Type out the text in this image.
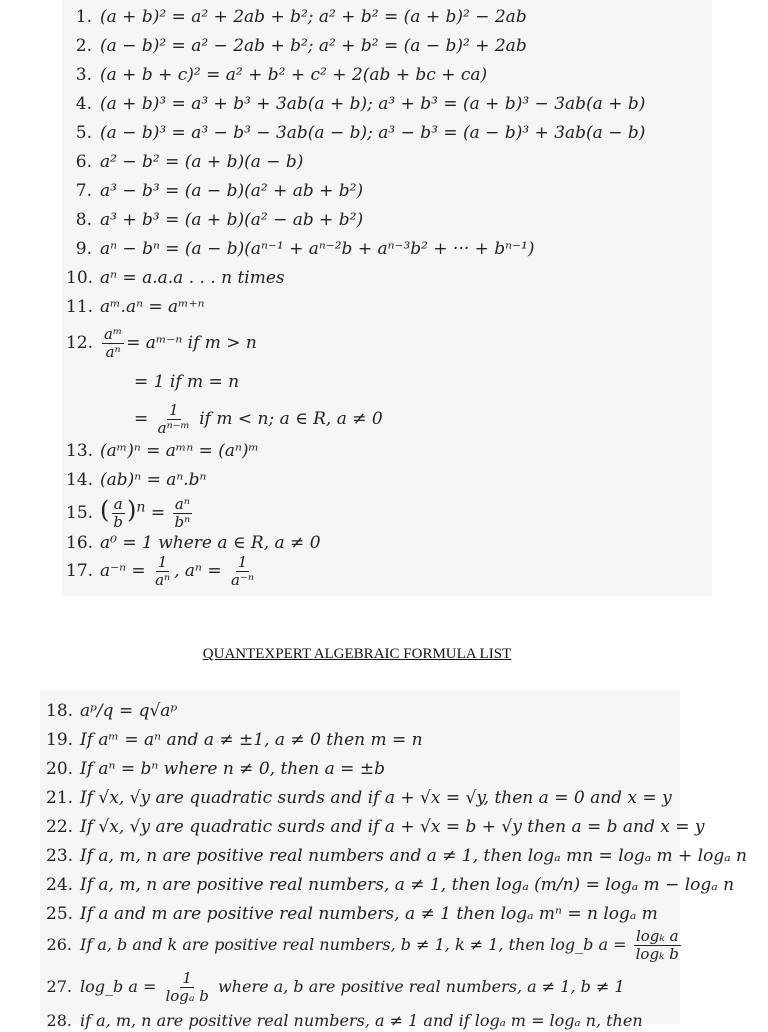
1. (a + b)² = a² + 2ab + b²; a² + b² = (a + b)² − 2ab
2. (a − b)² = a² − 2ab + b²; a² + b² = (a − b)² + 2ab
3. (a + b + c)² = a² + b² + c² + 2(ab + bc + ca)
4. (a + b)³ = a³ + b³ + 3ab(a + b); a³ + b³ = (a + b)³ − 3ab(a + b)
5. (a − b)³ = a³ − b³ − 3ab(a − b); a³ − b³ = (a − b)³ + 3ab(a − b)
6. a² − b² = (a + b)(a − b)
7. a³ − b³ = (a − b)(a² + ab + b²)
8. a³ + b³ = (a + b)(a² − ab + b²)
9. aⁿ − bⁿ = (a − b)(aⁿ⁻¹ + aⁿ⁻²b + aⁿ⁻³b² + ··· + bⁿ⁻¹)
10. aⁿ = a.a.a . . . n times
11. aᵐ.aⁿ = aᵐ⁺ⁿ
12. $\frac{\text{aᵐ}}{\text{aⁿ}}$ = aᵐ⁻ⁿ if m > n
= 1 if m = n
= $\frac{1}{\text{aⁿ⁻ᵐ}}$ if m < n; a ∈ R, a ≠ 0
13. (aᵐ)ⁿ = aᵐⁿ = (aⁿ)ᵐ
14. (ab)ⁿ = aⁿ.bⁿ
15. ( $\frac{a}{b} )^n = \frac{\text{aⁿ}}{\text{bⁿ}}$
16. a⁰ = 1 where a ∈ R, a ≠ 0
17. $a^{-n} = \frac{1}{\text{aⁿ}}$ , $a^n = \frac{1}{\text{a⁻ⁿ}}$
QUANTEXPERT ALGEBRAIC FORMULA LIST
18. aᵖ/q = q√aᵖ
19. If aᵐ = aⁿ and a ≠ ±1, a ≠ 0 then m = n
20. If aⁿ = bⁿ where n ≠ 0, then a = ±b
21. If √x, √y are quadratic surds and if a + √x = √y, then a = 0 and x = y
22. If √x, √y are quadratic surds and if a + √x = b + √y then a = b and x = y
23. If a, m, n are positive real numbers and a ≠ 1, then logₐ mn = logₐ m + logₐ n
24. If a, m, n are positive real numbers, a ≠ 1, then logₐ (m/n) = logₐ m − logₐ n
25. If a and m are positive real numbers, a ≠ 1 then logₐ mⁿ = n logₐ m
26. If a, b and k are positive real numbers, b ≠ 1, k ≠ 1, then log_b $a = \frac{\text{logₖ a}}{\text{logₖ b}}$
27. log_b $a = \frac{1}{\text{logₐ b}}$ where a, b are positive real numbers, a ≠ 1, b ≠ 1
28. if a, m, n are positive real numbers, a ≠ 1 and if logₐ m = logₐ n, then
